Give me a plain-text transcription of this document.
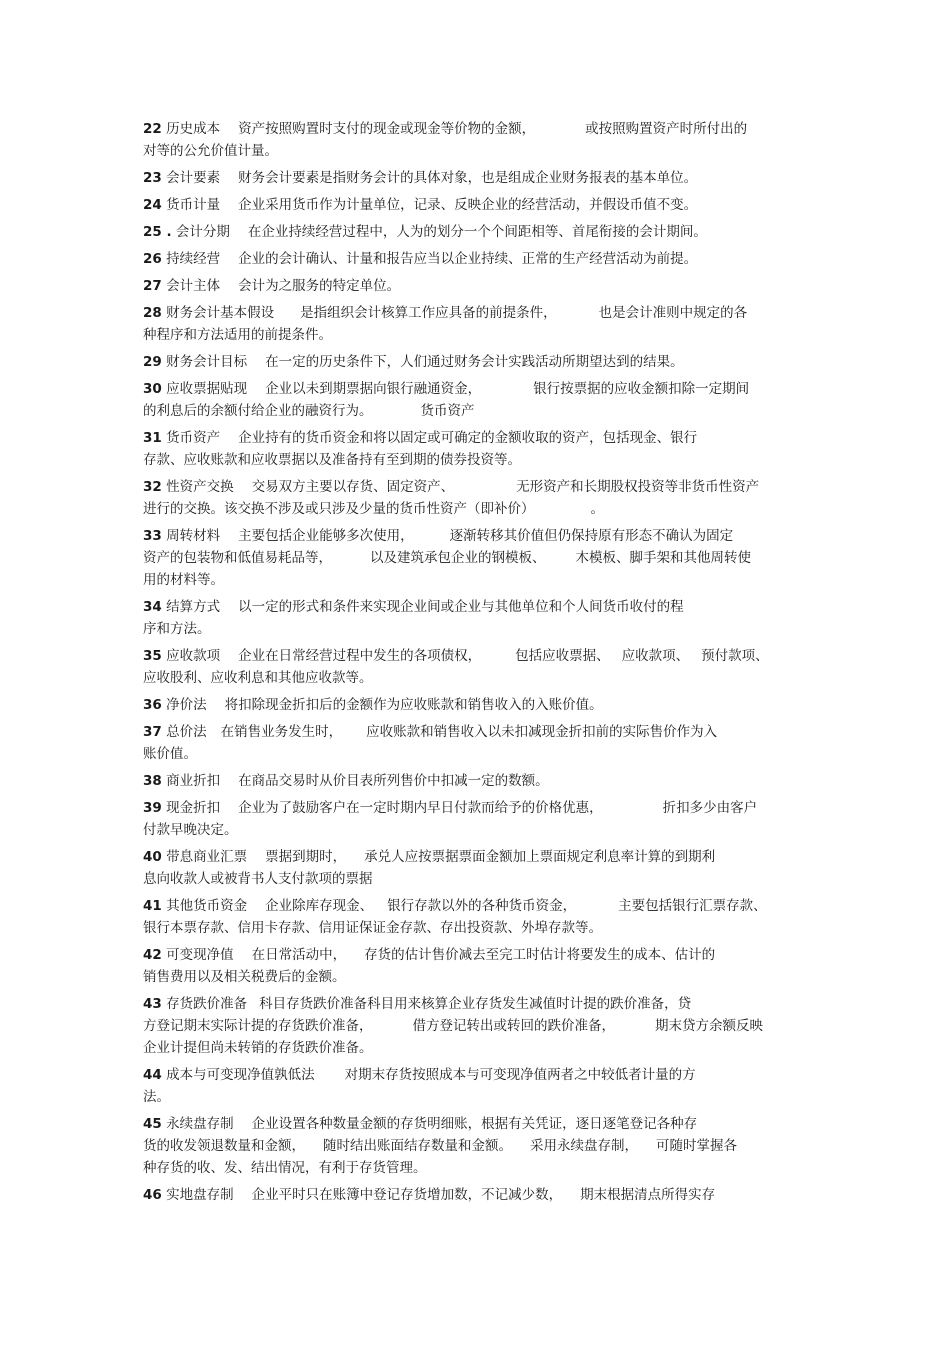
22 历史成本 资产按照购置时支付的现金或现金等价物的金额，	或按照购置资产时所付出的
对等的公允价值计量。
23 会计要素 财务会计要素是指财务会计的具体对象，也是组成企业财务报表的基本单位。
24 货币计量 企业采用货币作为计量单位，记录、反映企业的经营活动，并假设币值不变。
25 . 会计分期 在企业持续经营过程中，人为的划分一个个间距相等、首尾衔接的会计期间。
26 持续经营 企业的会计确认、计量和报告应当以企业持续、正常的生产经营活动为前提。
27 会计主体 会计为之服务的特定单位。
28 财务会计基本假设 是指组织会计核算工作应具备的前提条件，	也是会计准则中规定的各
种程序和方法适用的前提条件。
29 财务会计目标 在一定的历史条件下，人们通过财务会计实践活动所期望达到的结果。
30 应收票据贴现 企业以未到期票据向银行融通资金，	银行按票据的应收金额扣除一定期间
的利息后的余额付给企业的融资行为。	货币资产
31 货币资产 企业持有的货币资金和将以固定或可确定的金额收取的资产，包括现金、银行
存款、应收账款和应收票据以及准备持有至到期的债券投资等。
32 性资产交换 交易双方主要以存货、固定资产、	无形资产和长期股权投资等非货币性资产
进行的交换。该交换不涉及或只涉及少量的货币性资产（即补价）	。
33 周转材料 主要包括企业能够多次使用，	逐渐转移其价值但仍保持原有形态不确认为固定
资产的包装物和低值易耗品等，	以及建筑承包企业的钢模板、 木模板、脚手架和其他周转使
用的材料等。
34 结算方式 以一定的形式和条件来实现企业间或企业与其他单位和个人间货币收付的程
序和方法。
35 应收款项 企业在日常经营过程中发生的各项债权，	包括应收票据、 应收款项、 预付款项、
应收股利、应收利息和其他应收款等。
36 净价法 将扣除现金折扣后的金额作为应收账款和销售收入的入账价值。
37 总价法 在销售业务发生时， 应收账款和销售收入以未扣减现金折扣前的实际售价作为入
账价值。
38 商业折扣 在商品交易时从价目表所列售价中扣减一定的数额。
39 现金折扣 企业为了鼓励客户在一定时期内早日付款而给予的价格优惠，	折扣多少由客户
付款早晚决定。
40 带息商业汇票 票据到期时， 承兑人应按票据票面金额加上票面规定利息率计算的到期利
息向收款人或被背书人支付款项的票据
41 其他货币资金 企业除库存现金、 银行存款以外的各种货币资金，	主要包括银行汇票存款、
银行本票存款、信用卡存款、信用证保证金存款、存出投资款、外埠存款等。
42 可变现净值 在日常活动中， 存货的估计售价减去至完工时估计将要发生的成本、估计的
销售费用以及相关税费后的金额。
43 存货跌价准备 科目存货跌价准备科目用来核算企业存货发生减值时计提的跌价准备，贷
方登记期末实际计提的存货跌价准备，	借方登记转出或转回的跌价准备，	期末贷方余额反映
企业计提但尚未转销的存货跌价准备。
44 成本与可变现净值孰低法 对期末存货按照成本与可变现净值两者之中较低者计量的方
法。
45 永续盘存制 企业设置各种数量金额的存货明细账，根据有关凭证，逐日逐笔登记各种存
货的收发领退数量和金额， 随时结出账面结存数量和金额。 采用永续盘存制， 可随时掌握各
种存货的收、发、结出情况，有利于存货管理。
46 实地盘存制 企业平时只在账簿中登记存货增加数，不记减少数， 期末根据清点所得实存
